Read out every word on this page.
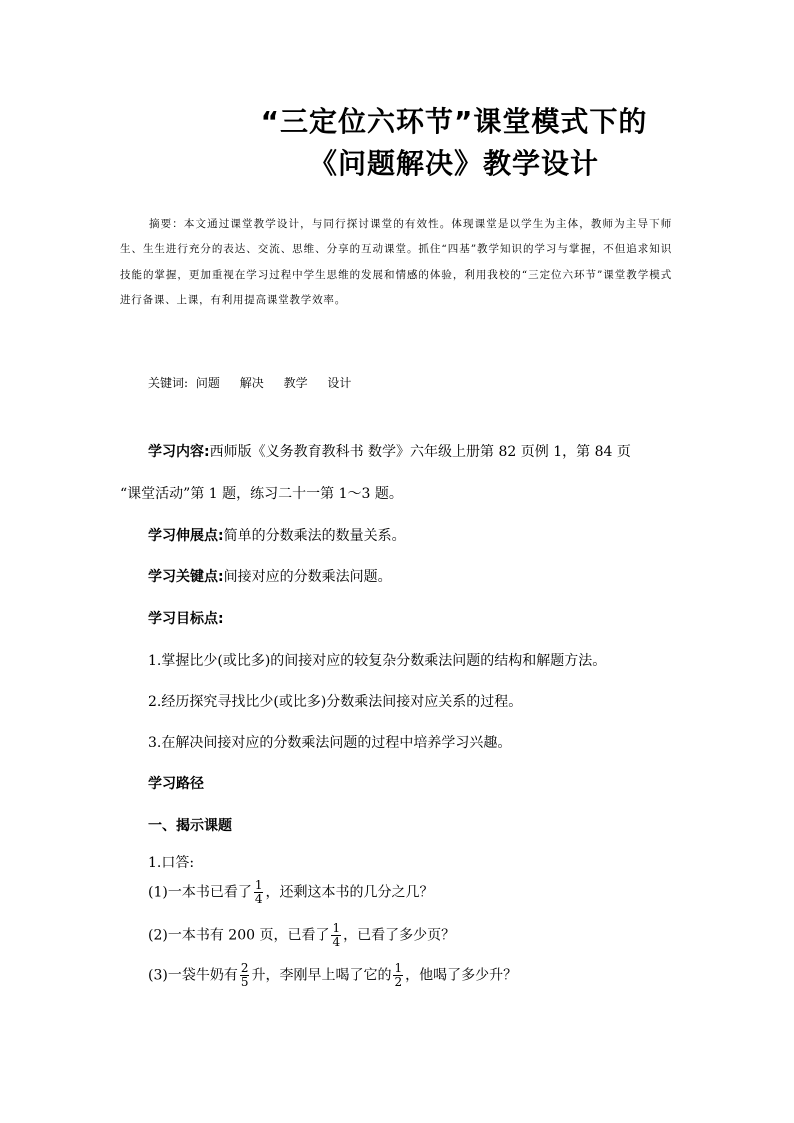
“三定位六环节”课堂模式下的
《问题解决》教学设计

摘要：本文通过课堂教学设计，与同行探讨课堂的有效性。体现课堂是以学生为主体，教师为主导下师生、生生进行充分的表达、交流、思维、分享的互动课堂。抓住“四基”教学知识的学习与掌握，不但追求知识技能的掌握，更加重视在学习过程中学生思维的发展和情感的体验，利用我校的“三定位六环节”课堂教学模式进行备课、上课，有利用提高课堂教学效率。

关键词: 问题 解决 教学 设计
学习内容:西师版《义务教育教科书 数学》六年级上册第 82 页例 1，第 84 页
“课堂活动”第 1 题，练习二十一第 1～3 题。
学习伸展点:简单的分数乘法的数量关系。
学习关键点:间接对应的分数乘法问题。
学习目标点:
1.掌握比少(或比多)的间接对应的较复杂分数乘法问题的结构和解题方法。
2.经历探究寻找比少(或比多)分数乘法间接对应关系的过程。
3.在解决间接对应的分数乘法问题的过程中培养学习兴趣。
学习路径
一、揭示课题
1.口答:
(1)一本书已看了 $\frac{1}{4}$ ，还剩这本书的几分之几？
(2)一本书有 200 页，已看了 $\frac{1}{4}$ ，已看了多少页？
(3)一袋牛奶有 $\frac{2}{5}$ 升，李刚早上喝了它的 $\frac{1}{2}$ ，他喝了多少升？
